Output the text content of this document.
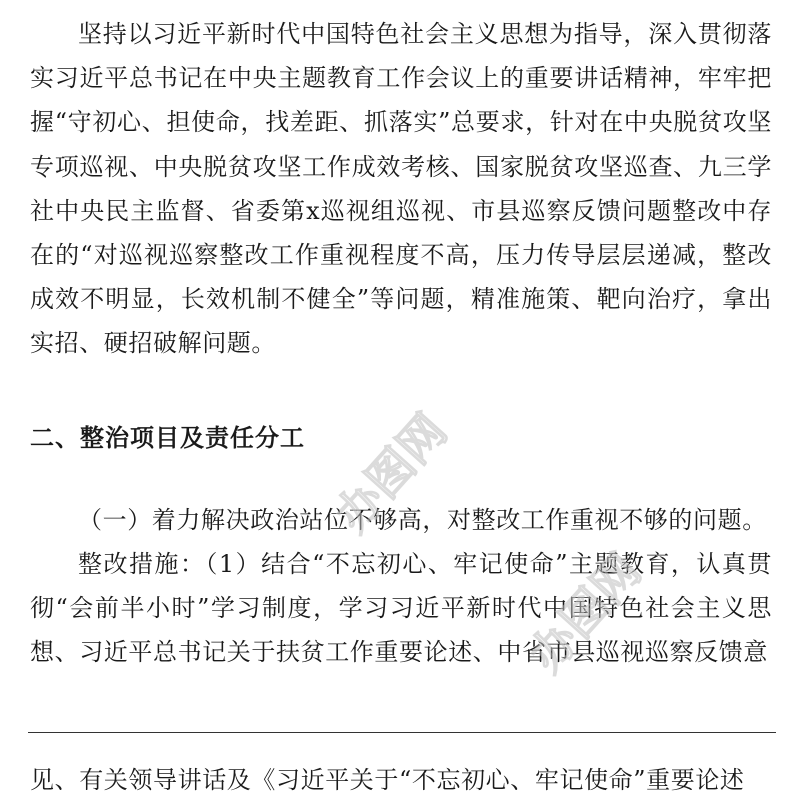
坚持以习近平新时代中国特色社会主义思想为指导，深入贯彻落实习近平总书记在中央主题教育工作会议上的重要讲话精神，牢牢把握“守初心、担使命，找差距、抓落实”总要求，针对在中央脱贫攻坚专项巡视、中央脱贫攻坚工作成效考核、国家脱贫攻坚巡查、九三学社中央民主监督、省委第x巡视组巡视、市县巡察反馈问题整改中存在的“对巡视巡察整改工作重视程度不高，压力传导层层递减，整改成效不明显，长效机制不健全”等问题，精准施策、靶向治疗，拿出实招、硬招破解问题。

二、整治项目及责任分工

（一）着力解决政治站位不够高，对整改工作重视不够的问题。

整改措施：（1）结合“不忘初心、牢记使命”主题教育，认真贯彻“会前半小时”学习制度，学习习近平新时代中国特色社会主义思想、习近平总书记关于扶贫工作重要论述、中省市县巡视巡察反馈意

见、有关领导讲话及《习近平关于“不忘初心、牢记使命”重要论述

办图网
办图网
